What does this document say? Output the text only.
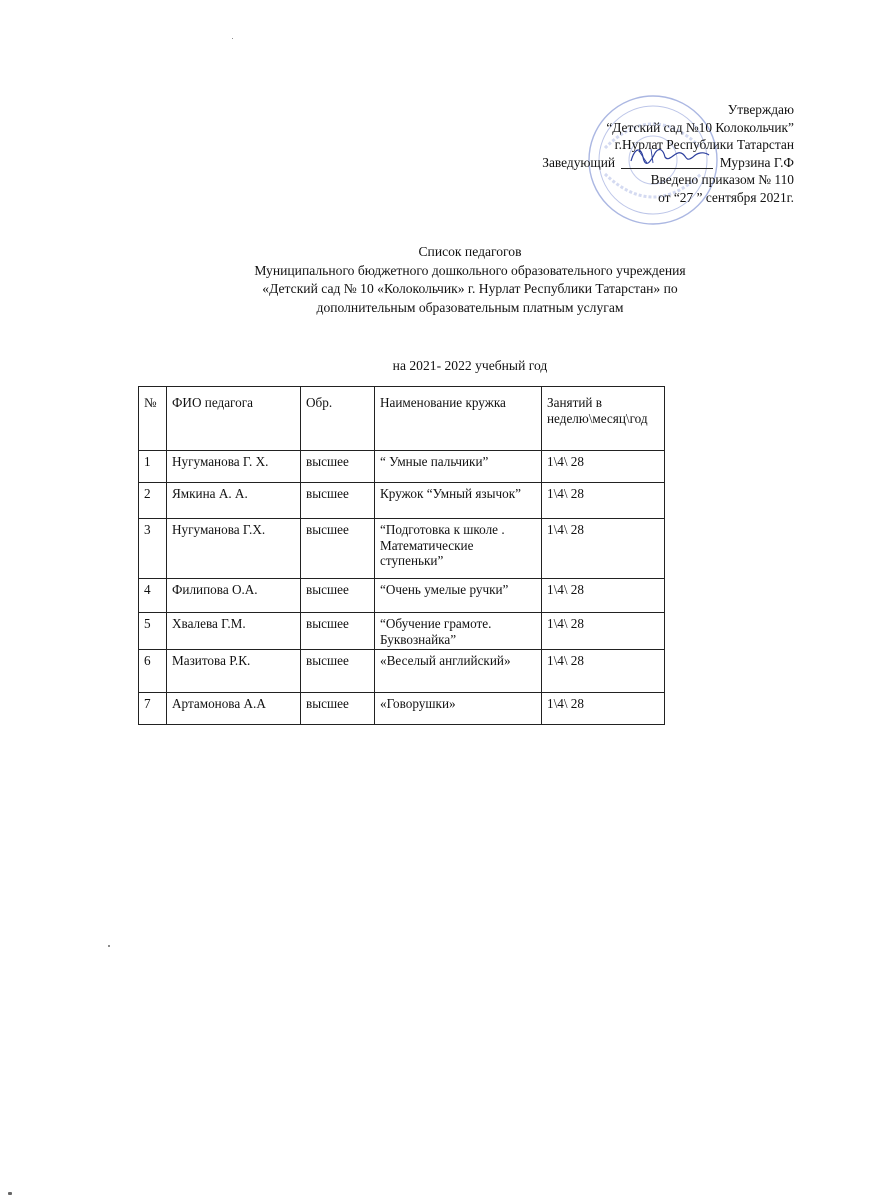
Утверждаю
“Детский сад №10 Колокольчик”
г.Нурлат Республики Татарстан
Заведующий	Мурзина Г.Ф
Введено приказом № 110
от “27 ” сентября 2021г.
Список педагогов
Муниципального бюджетного дошкольного образовательного учреждения
«Детский сад № 10 «Колокольчик» г. Нурлат Республики Татарстан» по
дополнительным образовательным платным услугам
на 2021- 2022 учебный год
№	ФИО педагога	Обр.	Наименование кружка	Занятий в неделю\месяц\год
1	Нугуманова Г. Х.	высшее	“ Умные пальчики”	1\4\ 28
2	Ямкина А. А.	высшее	Кружок “Умный язычок”	1\4\ 28
3	Нугуманова Г.Х.	высшее	“Подготовка к школе . Математические ступеньки”	1\4\ 28
4	Филипова О.А.	высшее	“Очень умелые ручки”	1\4\ 28
5	Хвалева Г.М.	высшее	“Обучение грамоте. Буквознайка”	1\4\ 28
6	Мазитова Р.К.	высшее	«Веселый английский»	1\4\ 28
7	Артамонова А.А	высшее	«Говорушки»	1\4\ 28
